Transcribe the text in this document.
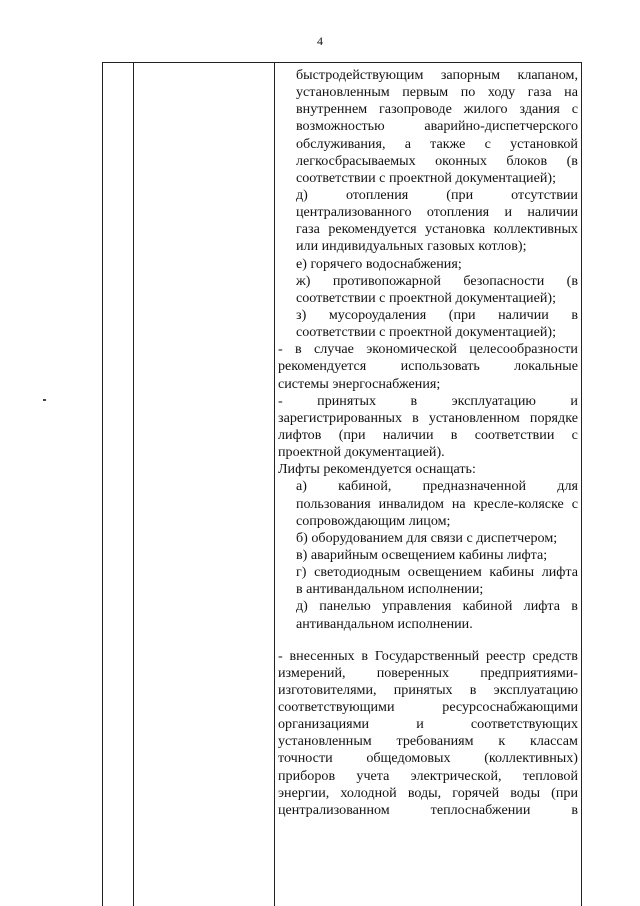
4
быстродействующим запорным клапаном,
установленным первым по ходу газа на
внутреннем газопроводе жилого здания с
возможностью	аварийно-диспетчерского
обслуживания, а также с установкой
легкосбрасываемых оконных блоков (в
соответствии с проектной документацией);
д)	отопления	(при	отсутствии
централизованного отопления и наличии
газа рекомендуется установка коллективных
или индивидуальных газовых котлов);
е) горячего водоснабжения;
ж) противопожарной безопасности (в
соответствии с проектной документацией);
з) мусороудаления (при наличии в
соответствии с проектной документацией);
- в случае экономической целесообразности
рекомендуется использовать локальные
системы энергоснабжения;
- принятых в эксплуатацию и
зарегистрированных в установленном порядке
лифтов (при наличии в соответствии с
проектной документацией).
Лифты рекомендуется оснащать:
а) кабиной, предназначенной для
пользования инвалидом на кресле-коляске с
сопровождающим лицом;
б) оборудованием для связи с диспетчером;
в) аварийным освещением кабины лифта;
г) светодиодным освещением кабины лифта
в антивандальном исполнении;
д) панелью управления кабиной лифта в
антивандальном исполнении.
- внесенных в Государственный реестр средств
измерений, поверенных предприятиями-
изготовителями, принятых в эксплуатацию
соответствующими	ресурсоснабжающими
организациями	и	соответствующих
установленным требованиям к классам
точности общедомовых (коллективных)
приборов учета электрической, тепловой
энергии, холодной воды, горячей воды (при
централизованном	теплоснабжении	в
